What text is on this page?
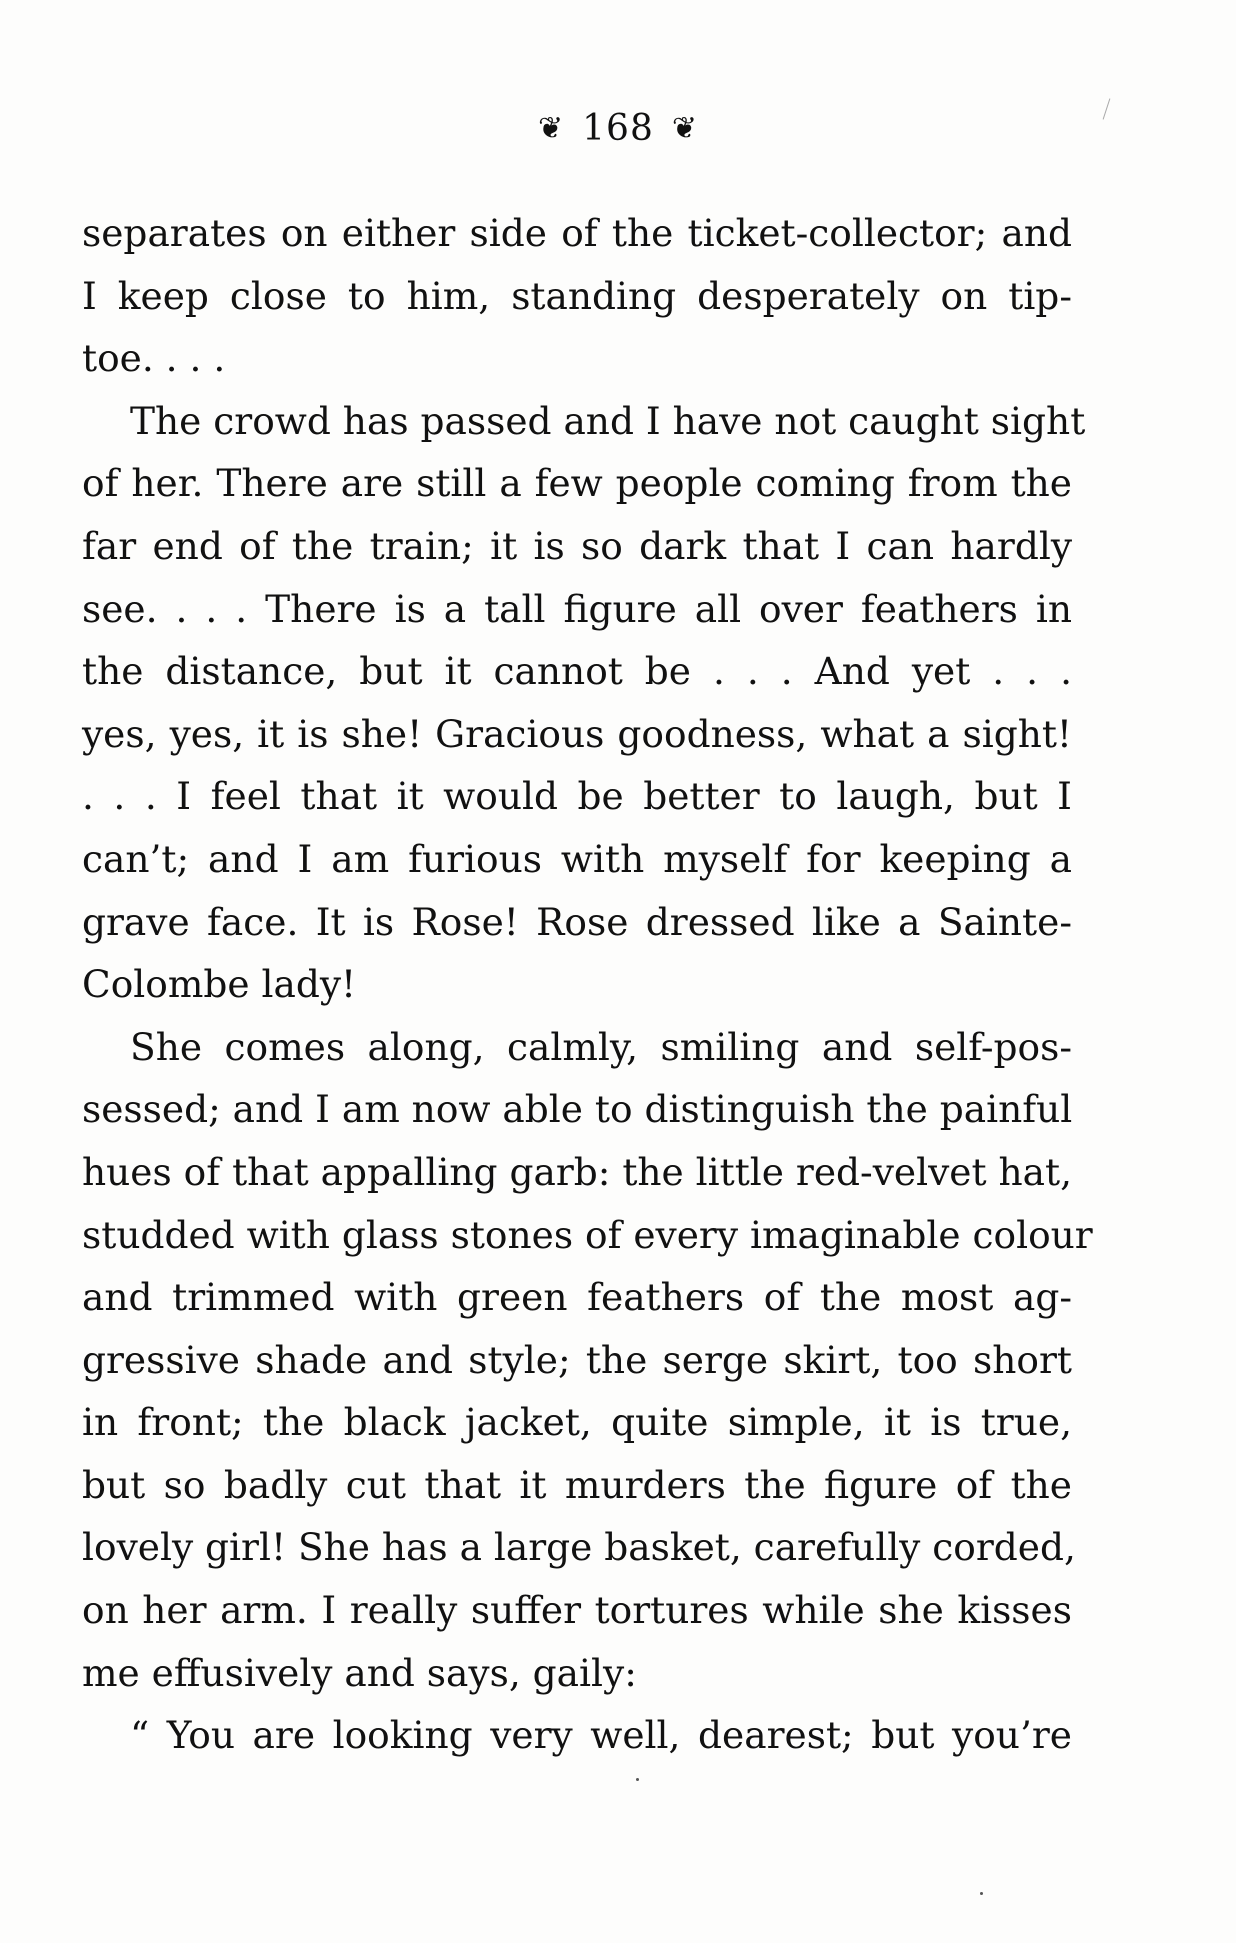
❦ 168 ❦
separates on either side of the ticket-collector; and
I keep close to him, standing desperately on tip-
toe. . . .
The crowd has passed and I have not caught sight
of her. There are still a few people coming from the
far end of the train; it is so dark that I can hardly
see. . . . There is a tall figure all over feathers in
the distance, but it cannot be . . . And yet . . .
yes, yes, it is she! Gracious goodness, what a sight!
. . . I feel that it would be better to laugh, but I
can’t; and I am furious with myself for keeping a
grave face. It is Rose! Rose dressed like a Sainte-
Colombe lady!
She comes along, calmly, smiling and self-pos-
sessed; and I am now able to distinguish the painful
hues of that appalling garb: the little red-velvet hat,
studded with glass stones of every imaginable colour
and trimmed with green feathers of the most ag-
gressive shade and style; the serge skirt, too short
in front; the black jacket, quite simple, it is true,
but so badly cut that it murders the figure of the
lovely girl! She has a large basket, carefully corded,
on her arm. I really suffer tortures while she kisses
me effusively and says, gaily:
“ You are looking very well, dearest; but you’re
